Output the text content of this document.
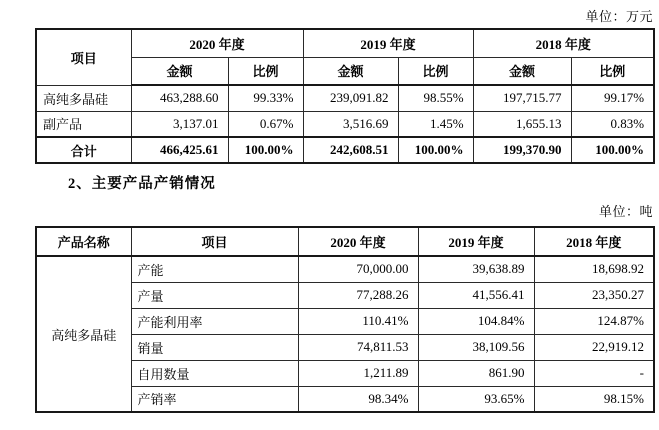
单位：万元
项目	2020 年度		2019 年度		2018 年度	
	金额	比例	金额	比例	金额	比例
高纯多晶硅	463,288.60	99.33%	239,091.82	98.55%	197,715.77	99.17%
副产品	3,137.01	0.67%	3,516.69	1.45%	1,655.13	0.83%
合计	466,425.61	100.00%	242,608.51	100.00%	199,370.90	100.00%
2、主要产品产销情况
单位：吨
产品名称	项目	2020 年度	2019 年度	2018 年度
高纯多晶硅	产能	70,000.00	39,638.89	18,698.92
	产量	77,288.26	41,556.41	23,350.27
	产能利用率	110.41%	104.84%	124.87%
	销量	74,811.53	38,109.56	22,919.12
	自用数量	1,211.89	861.90	-
	产销率	98.34%	93.65%	98.15%
